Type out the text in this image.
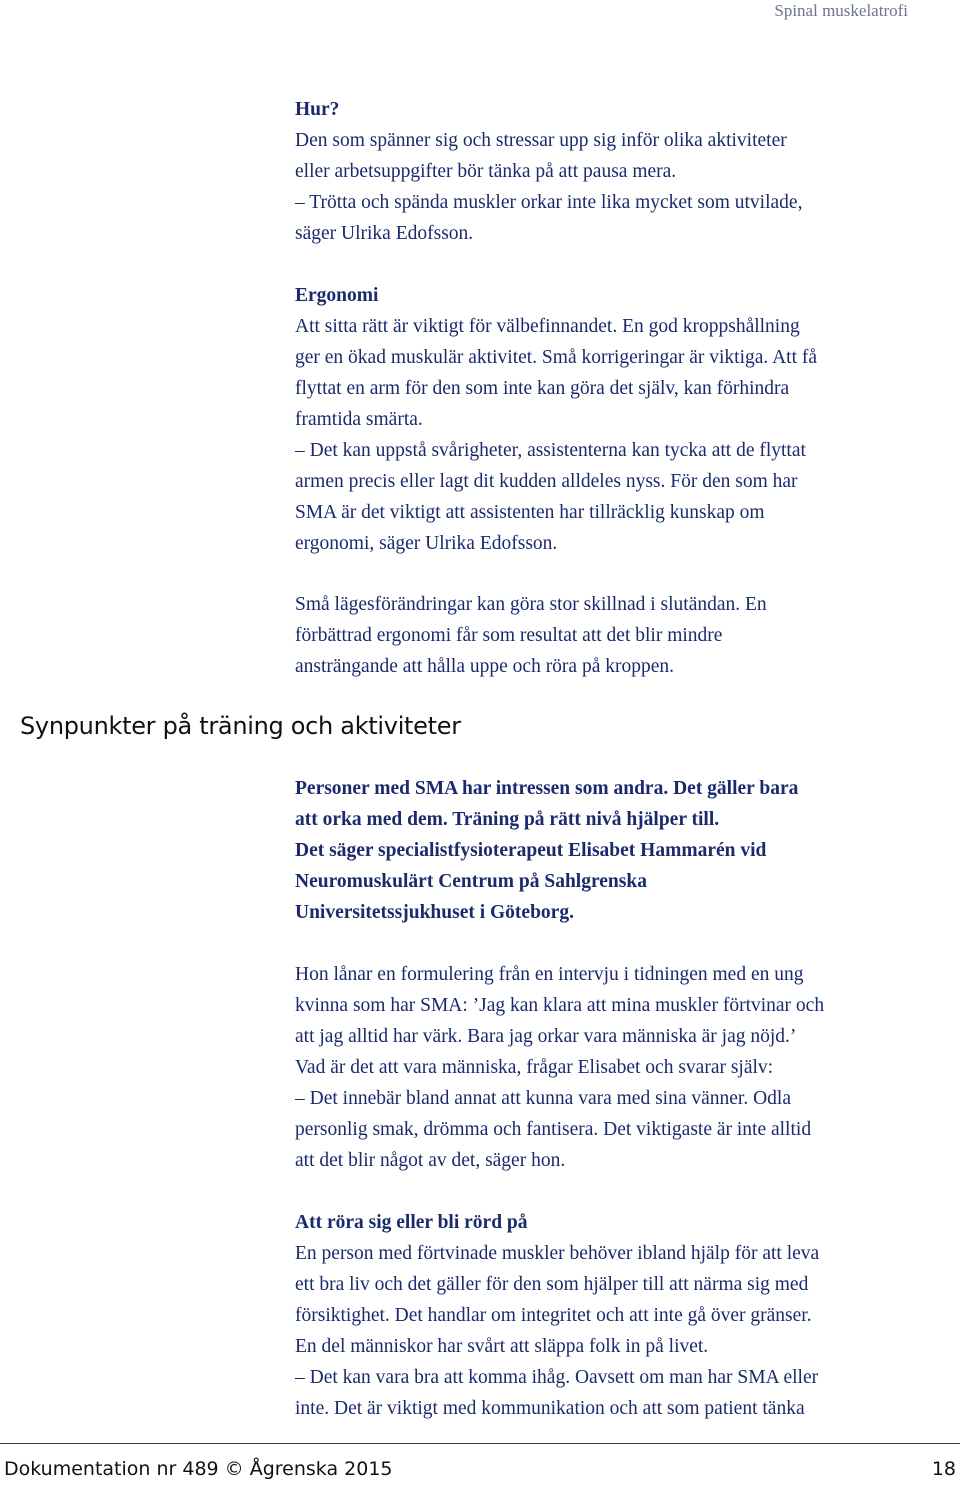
Spinal muskelatrofi

Hur?

Den som spänner sig och stressar upp sig inför olika aktiviteter

eller arbetsuppgifter bör tänka på att pausa mera.

– Trötta och spända muskler orkar inte lika mycket som utvilade,

säger Ulrika Edofsson.

Ergonomi

Att sitta rätt är viktigt för välbefinnandet. En god kroppshållning

ger en ökad muskulär aktivitet. Små korrigeringar är viktiga. Att få

flyttat en arm för den som inte kan göra det själv, kan förhindra

framtida smärta.

– Det kan uppstå svårigheter, assistenterna kan tycka att de flyttat

armen precis eller lagt dit kudden alldeles nyss. För den som har

SMA är det viktigt att assistenten har tillräcklig kunskap om

ergonomi, säger Ulrika Edofsson.

Små lägesförändringar kan göra stor skillnad i slutändan. En

förbättrad ergonomi får som resultat att det blir mindre

ansträngande att hålla uppe och röra på kroppen.

Synpunkter på träning och aktiviteter

Personer med SMA har intressen som andra. Det gäller bara

att orka med dem. Träning på rätt nivå hjälper till.

Det säger specialistfysioterapeut Elisabet Hammarén vid

Neuromuskulärt Centrum på Sahlgrenska

Universitetssjukhuset i Göteborg.

Hon lånar en formulering från en intervju i tidningen med en ung

kvinna som har SMA: ’Jag kan klara att mina muskler förtvinar och

att jag alltid har värk. Bara jag orkar vara människa är jag nöjd.’

Vad är det att vara människa, frågar Elisabet och svarar själv:

– Det innebär bland annat att kunna vara med sina vänner. Odla

personlig smak, drömma och fantisera. Det viktigaste är inte alltid

att det blir något av det, säger hon.

Att röra sig eller bli rörd på

En person med förtvinade muskler behöver ibland hjälp för att leva

ett bra liv och det gäller för den som hjälper till att närma sig med

försiktighet. Det handlar om integritet och att inte gå över gränser.

En del människor har svårt att släppa folk in på livet.

– Det kan vara bra att komma ihåg. Oavsett om man har SMA eller

inte. Det är viktigt med kommunikation och att som patient tänka

Dokumentation nr 489 © Ågrenska 2015	18
